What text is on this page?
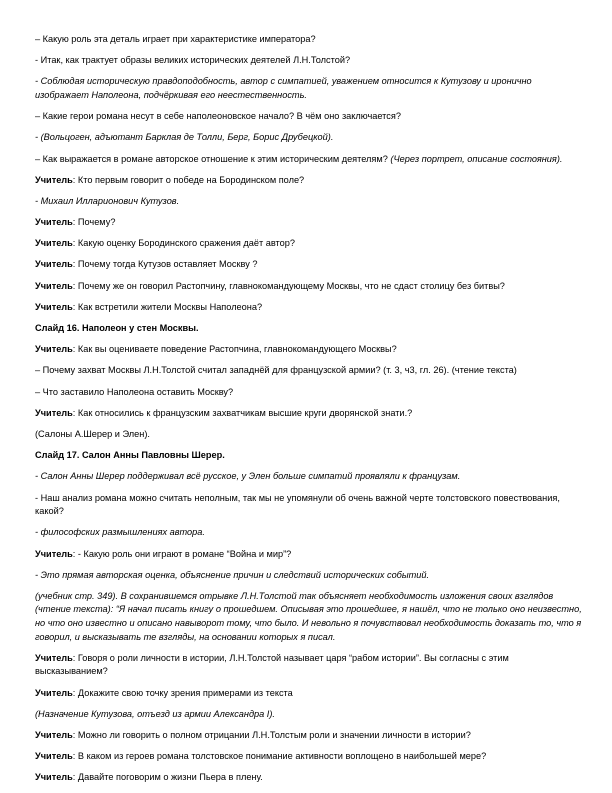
– Какую роль эта деталь играет при характеристике императора?
- Итак, как трактует образы великих исторических деятелей Л.Н.Толстой?
- Соблюдая историческую правдоподобность, автор с симпатией, уважением относится к Кутузову и иронично изображает Наполеона, подчёркивая его неестественность.
– Какие герои романа несут в себе наполеоновское начало? В чём оно заключается?
- (Вольцоген, адъютант Барклая де Толли, Берг, Борис Друбецкой).
– Как выражается в романе авторское отношение к этим историческим деятелям? (Через портрет, описание состояния).
Учитель: Кто первым говорит о победе на Бородинском поле?
- Михаил Илларионович Кутузов.
Учитель: Почему?
Учитель: Какую оценку Бородинского сражения даёт автор?
Учитель: Почему тогда Кутузов оставляет Москву ?
Учитель: Почему же он говорил Растопчину, главнокомандующему Москвы, что не сдаст столицу без битвы?
Учитель: Как встретили жители Москвы Наполеона?
Слайд 16. Наполеон у стен Москвы.
Учитель: Как вы оцениваете поведение Растопчина, главнокомандующего Москвы?
– Почему захват Москвы Л.Н.Толстой считал западнёй для французской армии? (т. 3, ч3, гл. 26). (чтение текста)
– Что заставило Наполеона оставить Москву?
Учитель: Как относились к французским захватчикам высшие круги дворянской знати.?
(Салоны А.Шерер и Элен).
Слайд 17. Салон Анны Павловны Шерер.
- Салон Анны Шерер поддерживал всё русское, у Элен больше симпатий проявляли к французам.
- Наш анализ романа можно считать неполным, так мы не упомянули об очень важной черте толстовского повествования, какой?
- философских размышлениях автора.
Учитель: - Какую роль они играют в романе “Война и мир”?
- Это прямая авторская оценка, объяснение причин и следствий исторических событий.
(учебник стр. 349). В сохранившемся отрывке Л.Н.Толстой так объясняет необходимость изложения своих взглядов (чтение текста): “Я начал писать книгу о прошедшем. Описывая это прошедшее, я нашёл, что не только оно неизвестно, но что оно известно и описано навыворот тому, что было. И невольно я почувствовал необходимость доказать то, что я говорил, и высказывать те взгляды, на основании которых я писал.
Учитель: Говоря о роли личности в истории, Л.Н.Толстой называет царя “рабом истории”. Вы согласны с этим высказыванием?
Учитель: Докажите свою точку зрения примерами из текста
(Назначение Кутузова, отъезд из армии Александра I).
Учитель: Можно ли говорить о полном отрицании Л.Н.Толстым роли и значении личности в истории?
Учитель: В каком из героев романа толстовское понимание активности воплощено в наибольшей мере?
Учитель: Давайте поговорим о жизни Пьера в плену.
